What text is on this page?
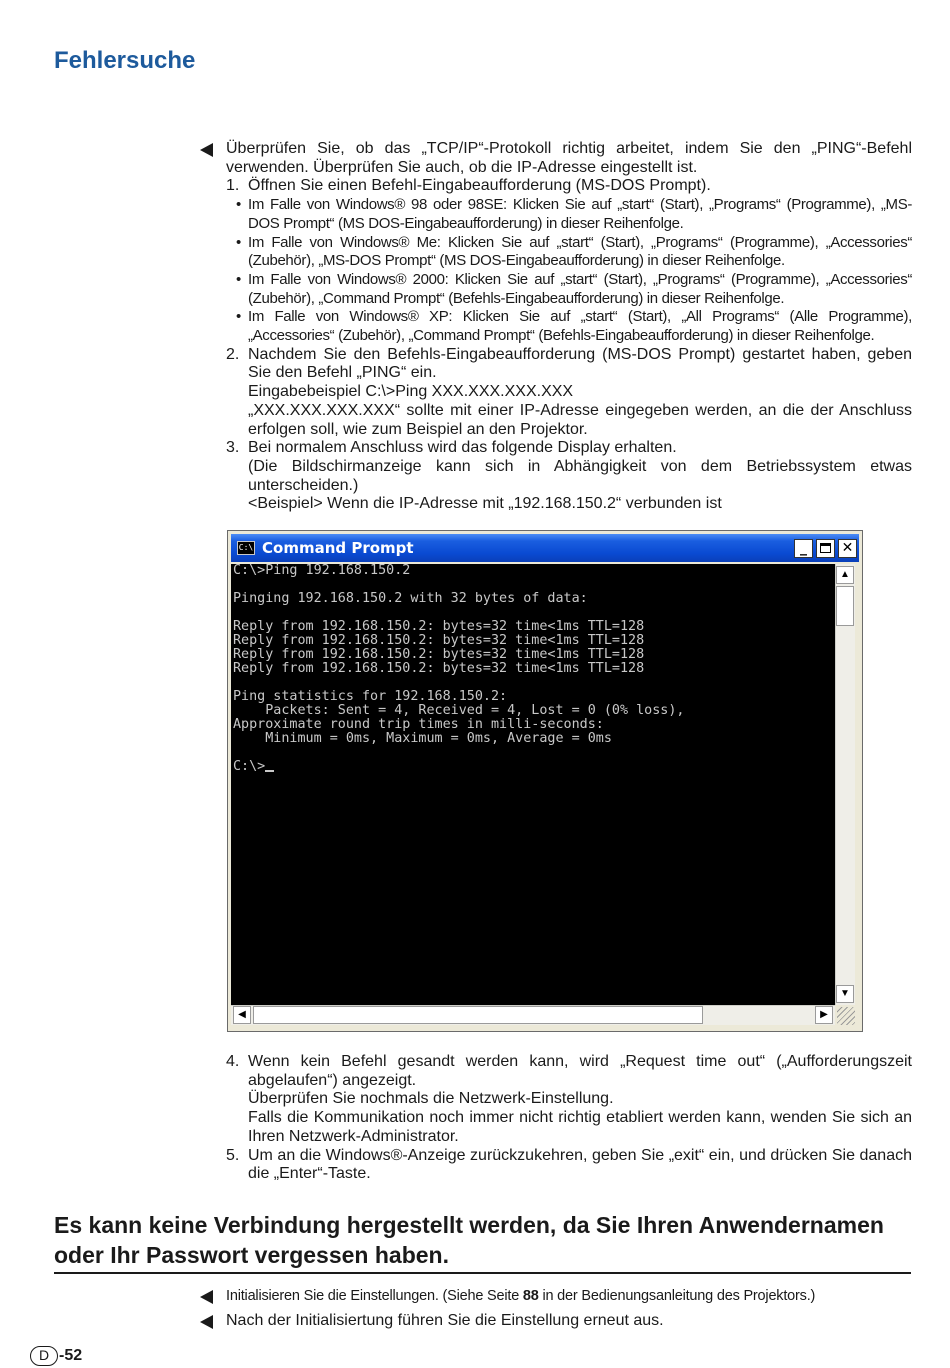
Fehlersuche

Überprüfen Sie, ob das „TCP/IP“-Protokoll richtig arbeitet, indem Sie den „PING“-Befehl verwenden. Überprüfen Sie auch, ob die IP-Adresse eingestellt ist.

1. Öffnen Sie einen Befehl-Eingabeaufforderung (MS-DOS Prompt).

• Im Falle von Windows® 98 oder 98SE: Klicken Sie auf „start“ (Start), „Programs“ (Programme), „MS-DOS Prompt“ (MS DOS-Eingabeaufforderung) in dieser Reihenfolge.
• Im Falle von Windows® Me: Klicken Sie auf „start“ (Start), „Programs“ (Programme), „Accessories“ (Zubehör), „MS-DOS Prompt“ (MS DOS-Eingabeaufforderung) in dieser Reihenfolge.
• Im Falle von Windows® 2000: Klicken Sie auf „start“ (Start), „Programs“ (Programme), „Accessories“ (Zubehör), „Command Prompt“ (Befehls-Eingabeaufforderung) in dieser Reihenfolge.
• Im Falle von Windows® XP: Klicken Sie auf „start“ (Start), „All Programs“ (Alle Programme), „Accessories“ (Zubehör), „Command Prompt“ (Befehls-Eingabeaufforderung) in dieser Reihenfolge.
2. Nachdem Sie den Befehls-Eingabeaufforderung (MS-DOS Prompt) gestartet haben, geben Sie den Befehl „PING“ ein.

Eingabebeispiel C:\>Ping XXX.XXX.XXX.XXX

„XXX.XXX.XXX.XXX“ sollte mit einer IP-Adresse eingegeben werden, an die der Anschluss erfolgen soll, wie zum Beispiel an den Projektor.

3. Bei normalem Anschluss wird das folgende Display erhalten.

(Die Bildschirmanzeige kann sich in Abhängigkeit von dem Betriebssystem etwas unterscheiden.)

<Beispiel> Wenn die IP-Adresse mit „192.168.150.2“ verbunden ist

C:\ Command Prompt	_	✕
C:\>Ping 192.168.150.2
Pinging 192.168.150.2 with 32 bytes of data:
Reply from 192.168.150.2: bytes=32 time<1ms TTL=128
Reply from 192.168.150.2: bytes=32 time<1ms TTL=128
Reply from 192.168.150.2: bytes=32 time<1ms TTL=128
Reply from 192.168.150.2: bytes=32 time<1ms TTL=128
Ping statistics for 192.168.150.2:
Packets: Sent = 4, Received = 4, Lost = 0 (0% loss),
Approximate round trip times in milli-seconds:
Minimum = 0ms, Maximum = 0ms, Average = 0ms
C:\>
▲
▼
◀	▶
4. Wenn kein Befehl gesandt werden kann, wird „Request time out“ („Aufforderungszeit abgelaufen“) angezeigt.

Überprüfen Sie nochmals die Netzwerk-Einstellung.

Falls die Kommunikation noch immer nicht richtig etabliert werden kann, wenden Sie sich an Ihren Netzwerk-Administrator.

5. Um an die Windows®-Anzeige zurückzukehren, geben Sie „exit“ ein, und drücken Sie danach die „Enter“-Taste.

Es kann keine Verbindung hergestellt werden, da Sie Ihren Anwendernamen oder Ihr Passwort vergessen haben.

Initialisieren Sie die Einstellungen. (Siehe Seite 88 in der Bedienungsanleitung des Projektors.)

Nach der Initialisiertung führen Sie die Einstellung erneut aus.

D -52
